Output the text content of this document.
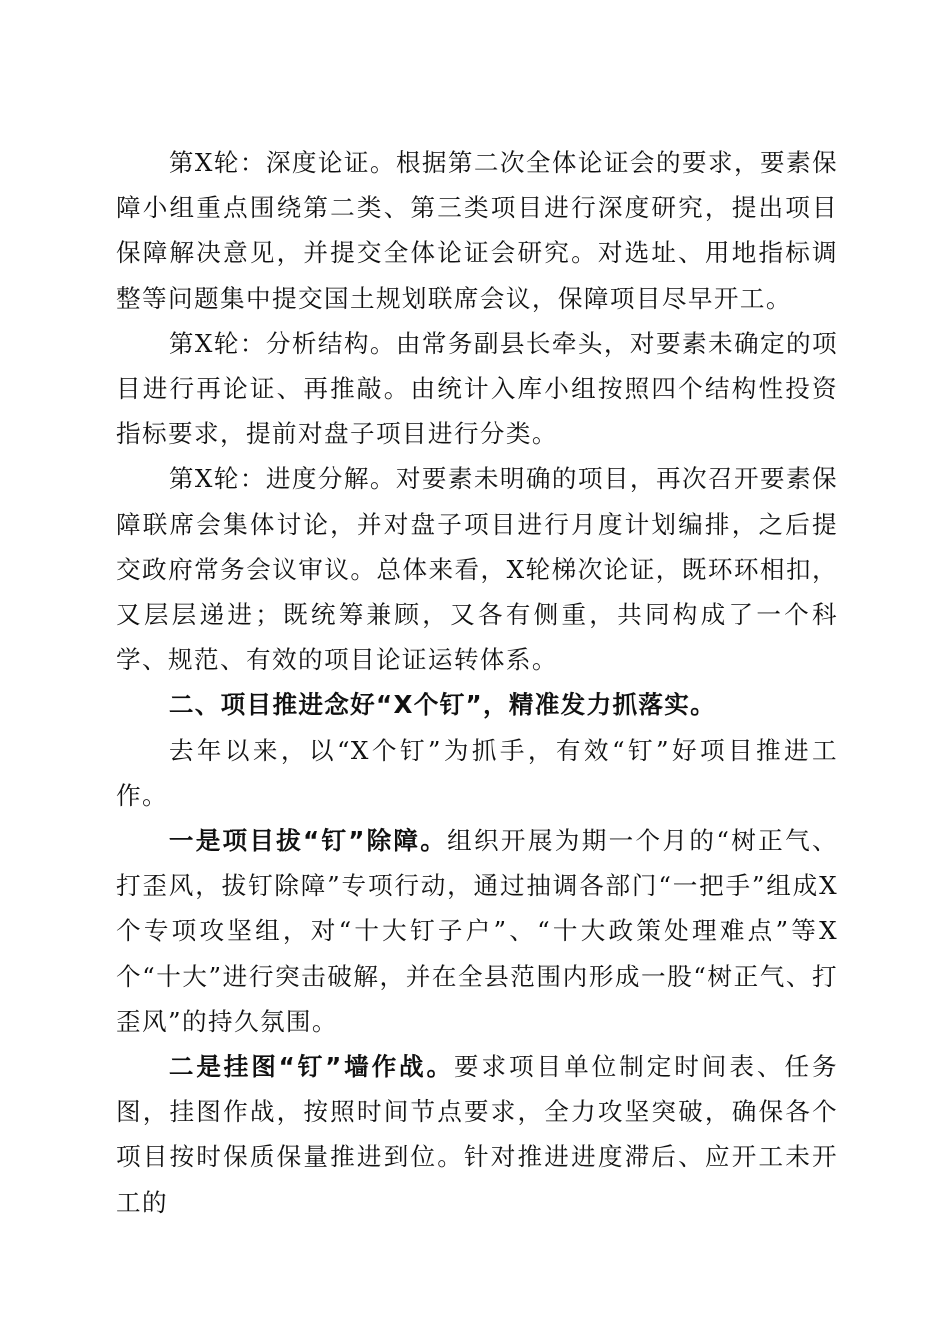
第X轮：深度论证。根据第二次全体论证会的要求，要素保障小组重点围绕第二类、第三类项目进行深度研究，提出项目保障解决意见，并提交全体论证会研究。对选址、用地指标调整等问题集中提交国土规划联席会议，保障项目尽早开工。

第X轮：分析结构。由常务副县长牵头，对要素未确定的项目进行再论证、再推敲。由统计入库小组按照四个结构性投资指标要求，提前对盘子项目进行分类。

第X轮：进度分解。对要素未明确的项目，再次召开要素保障联席会集体讨论，并对盘子项目进行月度计划编排，之后提交政府常务会议审议。总体来看，X轮梯次论证，既环环相扣，又层层递进；既统筹兼顾，又各有侧重，共同构成了一个科学、规范、有效的项目论证运转体系。

二、项目推进念好“X个钉”，精准发力抓落实。

去年以来，以“X个钉”为抓手，有效“钉”好项目推进工作。

一是项目拔“钉”除障。组织开展为期一个月的“树正气、打歪风，拔钉除障”专项行动，通过抽调各部门“一把手”组成X个专项攻坚组，对“十大钉子户”、“十大政策处理难点”等X个“十大”进行突击破解，并在全县范围内形成一股“树正气、打歪风”的持久氛围。

二是挂图“钉”墙作战。要求项目单位制定时间表、任务图，挂图作战，按照时间节点要求，全力攻坚突破，确保各个项目按时保质保量推进到位。针对推进进度滞后、应开工未开工的
